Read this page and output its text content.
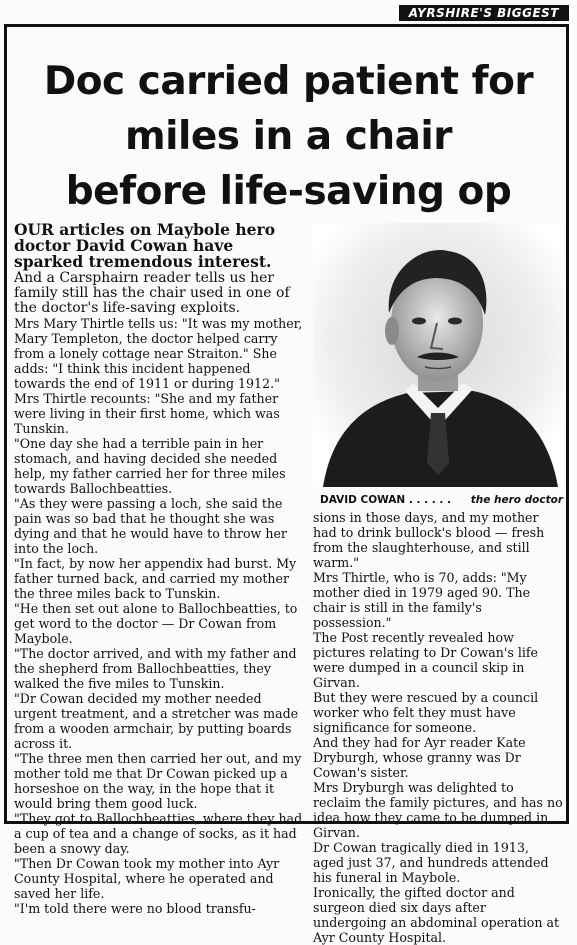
AYRSHIRE'S BIGGEST
Doc carried patient for
miles in a chair
before life-saving op

OUR articles on Maybole hero doctor David Cowan have sparked tremendous interest.

And a Carsphairn reader tells us her family still has the chair used in one of the doctor's life-saving exploits.

Mrs Mary Thirtle tells us: "It was my mother, Mary Templeton, the doctor helped carry from a lonely cottage near Straiton." She adds: "I think this incident happened towards the end of 1911 or during 1912."

Mrs Thirtle recounts: "She and my father were living in their first home, which was Tunskin.

"One day she had a terrible pain in her stomach, and having decided she needed help, my father carried her for three miles towards Ballochbeatties.

"As they were passing a loch, she said the pain was so bad that he thought she was dying and that he would have to throw her into the loch.

"In fact, by now her appendix had burst. My father turned back, and carried my mother the three miles back to Tunskin.

"He then set out alone to Ballochbeatties, to get word to the doctor — Dr Cowan from Maybole.

"The doctor arrived, and with my father and the shepherd from Ballochbeatties, they walked the five miles to Tunskin.

"Dr Cowan decided my mother needed urgent treatment, and a stretcher was made from a wooden armchair, by putting boards across it.

"The three men then carried her out, and my mother told me that Dr Cowan picked up a horseshoe on the way, in the hope that it would bring them good luck.

"They got to Ballochbeatties, where they had a cup of tea and a change of socks, as it had been a snowy day.

"Then Dr Cowan took my mother into Ayr County Hospital, where he operated and saved her life.

"I'm told there were no blood transfu-

DAVID COWAN . . . . . . the hero doctor

sions in those days, and my mother had to drink bullock's blood — fresh from the slaughterhouse, and still warm."

Mrs Thirtle, who is 70, adds: "My mother died in 1979 aged 90. The chair is still in the family's possession."

The Post recently revealed how pictures relating to Dr Cowan's life were dumped in a council skip in Girvan.

But they were rescued by a council worker who felt they must have significance for someone.

And they had for Ayr reader Kate Dryburgh, whose granny was Dr Cowan's sister.

Mrs Dryburgh was delighted to reclaim the family pictures, and has no idea how they came to be dumped in Girvan.

Dr Cowan tragically died in 1913, aged just 37, and hundreds attended his funeral in Maybole.

Ironically, the gifted doctor and surgeon died six days after undergoing an abdominal operation at Ayr County Hospital.
